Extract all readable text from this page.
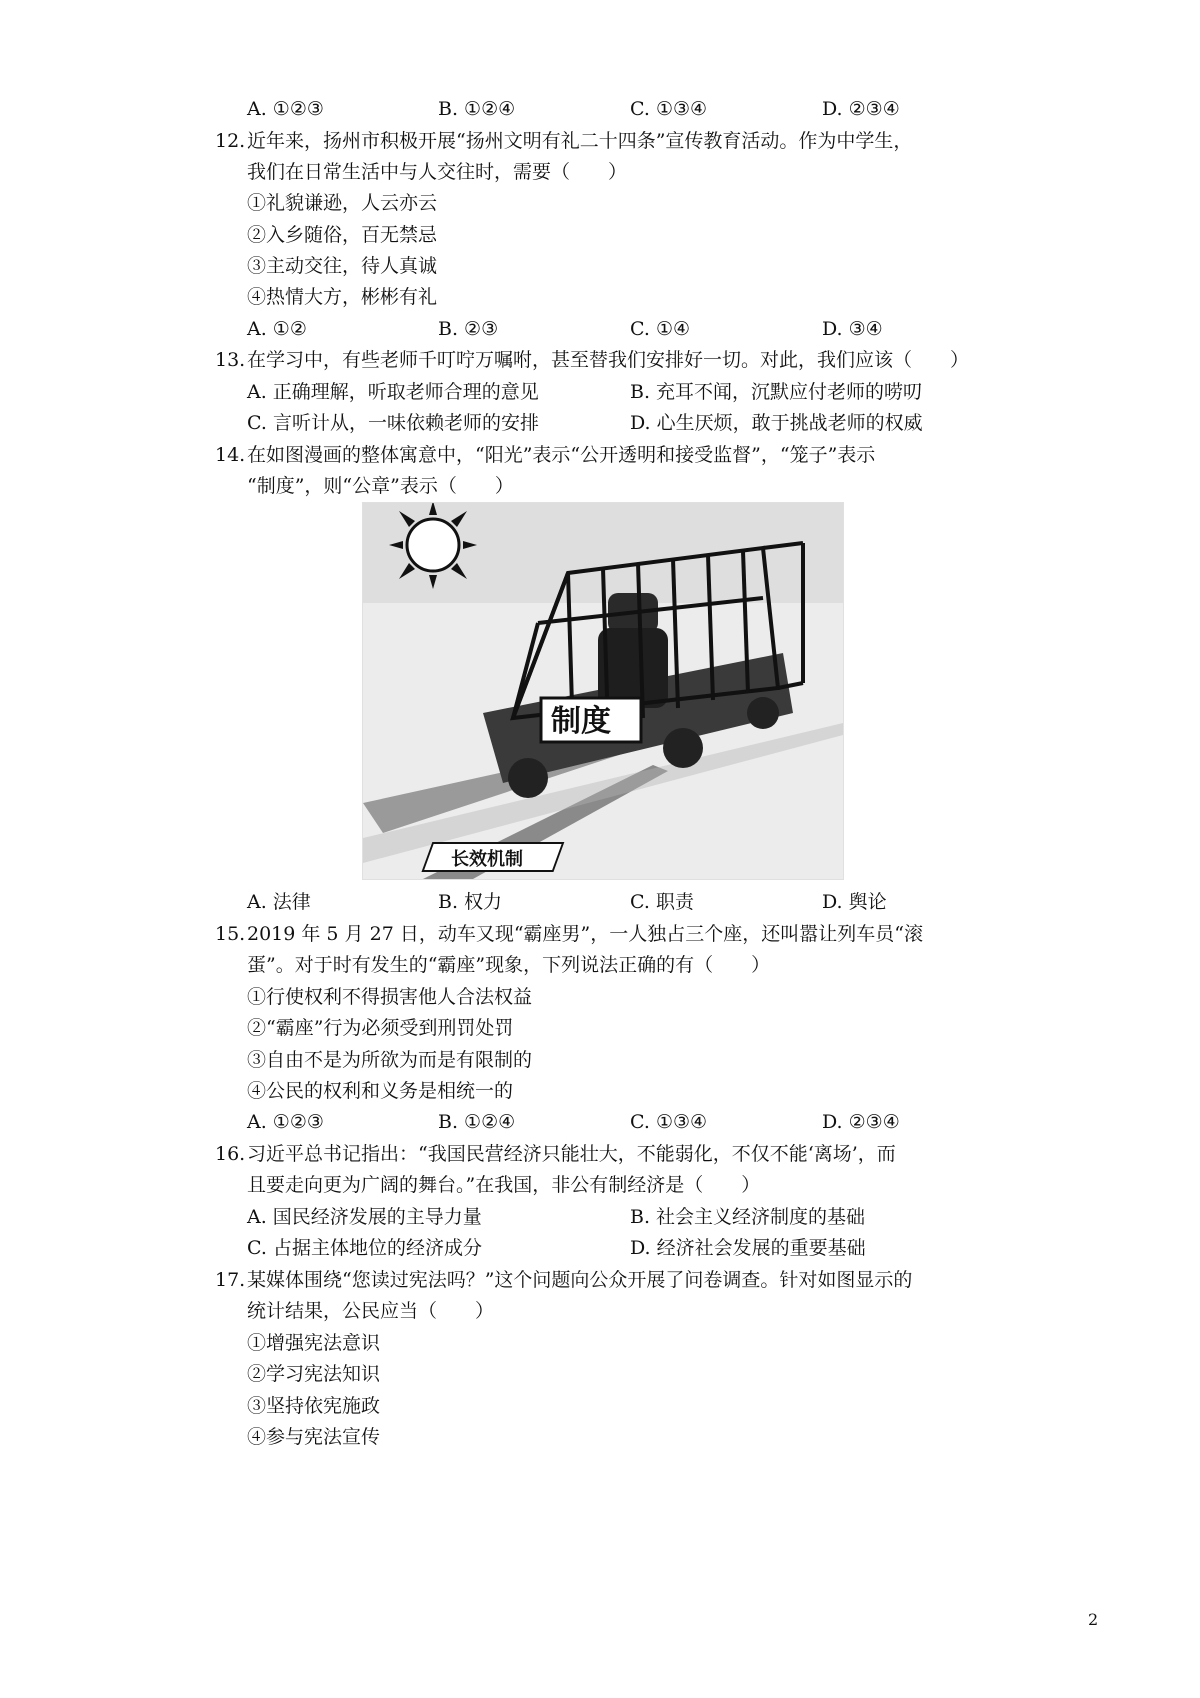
A. ①②③	B. ①②④	C. ①③④	D. ②③④
12. 近年来，扬州市积极开展“扬州文明有礼二十四条”宣传教育活动。作为中学生，
我们在日常生活中与人交往时，需要（　　）
①礼貌谦逊，人云亦云
②入乡随俗，百无禁忌
③主动交往，待人真诚
④热情大方，彬彬有礼
A. ①②	B. ②③	C. ①④	D. ③④
13. 在学习中，有些老师千叮咛万嘱咐，甚至替我们安排好一切。对此，我们应该（　　）
A. 正确理解，听取老师合理的意见	B. 充耳不闻，沉默应付老师的唠叨
C. 言听计从，一味依赖老师的安排	D. 心生厌烦，敢于挑战老师的权威
14. 在如图漫画的整体寓意中，“阳光”表示“公开透明和接受监督”，“笼子”表示
“制度”，则“公章”表示（　　）
长效机制
制度
A. 法律	B. 权力	C. 职责	D. 舆论
15. 2019 年 5 月 27 日，动车又现“霸座男”，一人独占三个座，还叫嚣让列车员“滚
蛋”。对于时有发生的“霸座”现象，下列说法正确的有（　　）
①行使权利不得损害他人合法权益
②“霸座”行为必须受到刑罚处罚
③自由不是为所欲为而是有限制的
④公民的权利和义务是相统一的
A. ①②③	B. ①②④	C. ①③④	D. ②③④
16. 习近平总书记指出：“我国民营经济只能壮大，不能弱化，不仅不能‘离场’，而
且要走向更为广阔的舞台。”在我国，非公有制经济是（　　）
A. 国民经济发展的主导力量	B. 社会主义经济制度的基础
C. 占据主体地位的经济成分	D. 经济社会发展的重要基础
17. 某媒体围绕“您读过宪法吗？”这个问题向公众开展了问卷调查。针对如图显示的
统计结果，公民应当（　　）
①增强宪法意识
②学习宪法知识
③坚持依宪施政
④参与宪法宣传
2
